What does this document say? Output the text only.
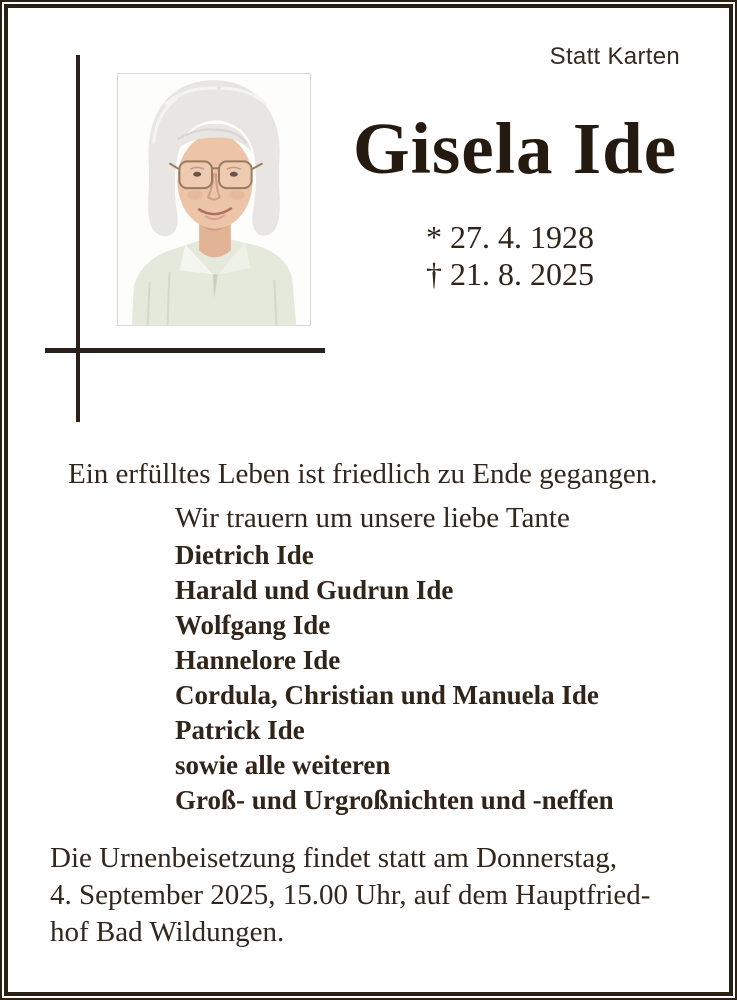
Statt Karten
Gisela Ide
* 27. 4. 1928
† 21. 8. 2025
Ein erfülltes Leben ist friedlich zu Ende gegangen.
Wir trauern um unsere liebe Tante
Dietrich Ide
Harald und Gudrun Ide
Wolfgang Ide
Hannelore Ide
Cordula, Christian und Manuela Ide
Patrick Ide
sowie alle weiteren
Groß- und Urgroßnichten und -neffen
Die Urnenbeisetzung findet statt am Donnerstag,
4. September 2025, 15.00 Uhr, auf dem Hauptfried-
hof Bad Wildungen.
